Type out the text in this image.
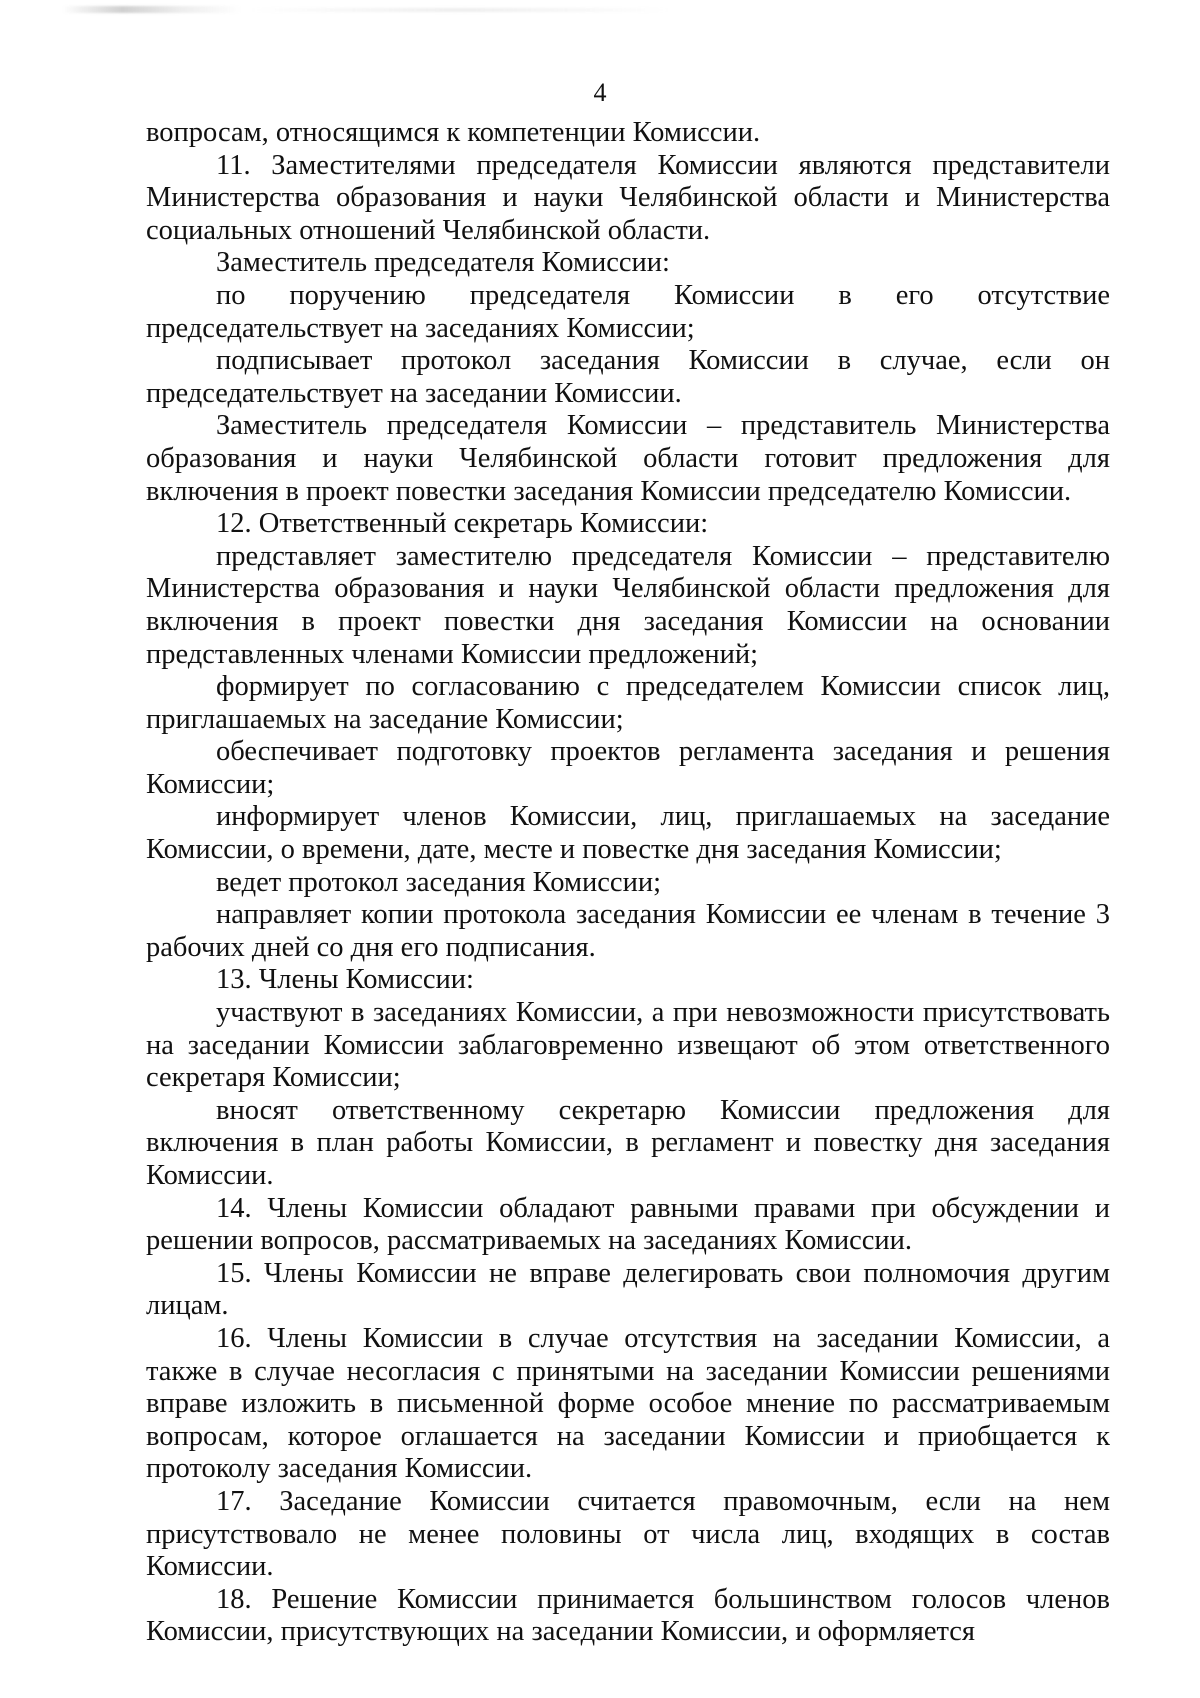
4

вопросам, относящимся к компетенции Комиссии.

11. Заместителями председателя Комиссии являются представители Министерства образования и науки Челябинской области и Министерства социальных отношений Челябинской области.

Заместитель председателя Комиссии:

по поручению председателя Комиссии в его отсутствие председательствует на заседаниях Комиссии;

подписывает протокол заседания Комиссии в случае, если он председательствует на заседании Комиссии.

Заместитель председателя Комиссии – представитель Министерства образования и науки Челябинской области готовит предложения для включения в проект повестки заседания Комиссии председателю Комиссии.

12. Ответственный секретарь Комиссии:

представляет заместителю председателя Комиссии – представителю Министерства образования и науки Челябинской области предложения для включения в проект повестки дня заседания Комиссии на основании представленных членами Комиссии предложений;

формирует по согласованию с председателем Комиссии список лиц, приглашаемых на заседание Комиссии;

обеспечивает подготовку проектов регламента заседания и решения Комиссии;

информирует членов Комиссии, лиц, приглашаемых на заседание Комиссии, о времени, дате, месте и повестке дня заседания Комиссии;

ведет протокол заседания Комиссии;

направляет копии протокола заседания Комиссии ее членам в течение 3 рабочих дней со дня его подписания.

13. Члены Комиссии:

участвуют в заседаниях Комиссии, а при невозможности присутствовать на заседании Комиссии заблаговременно извещают об этом ответственного секретаря Комиссии;

вносят ответственному секретарю Комиссии предложения для включения в план работы Комиссии, в регламент и повестку дня заседания Комиссии.

14. Члены Комиссии обладают равными правами при обсуждении и решении вопросов, рассматриваемых на заседаниях Комиссии.

15. Члены Комиссии не вправе делегировать свои полномочия другим лицам.

16. Члены Комиссии в случае отсутствия на заседании Комиссии, а также в случае несогласия с принятыми на заседании Комиссии решениями вправе изложить в письменной форме особое мнение по рассматриваемым вопросам, которое оглашается на заседании Комиссии и приобщается к протоколу заседания Комиссии.

17. Заседание Комиссии считается правомочным, если на нем присутствовало не менее половины от числа лиц, входящих в состав Комиссии.

18. Решение Комиссии принимается большинством голосов членов Комиссии, присутствующих на заседании Комиссии, и оформляется
